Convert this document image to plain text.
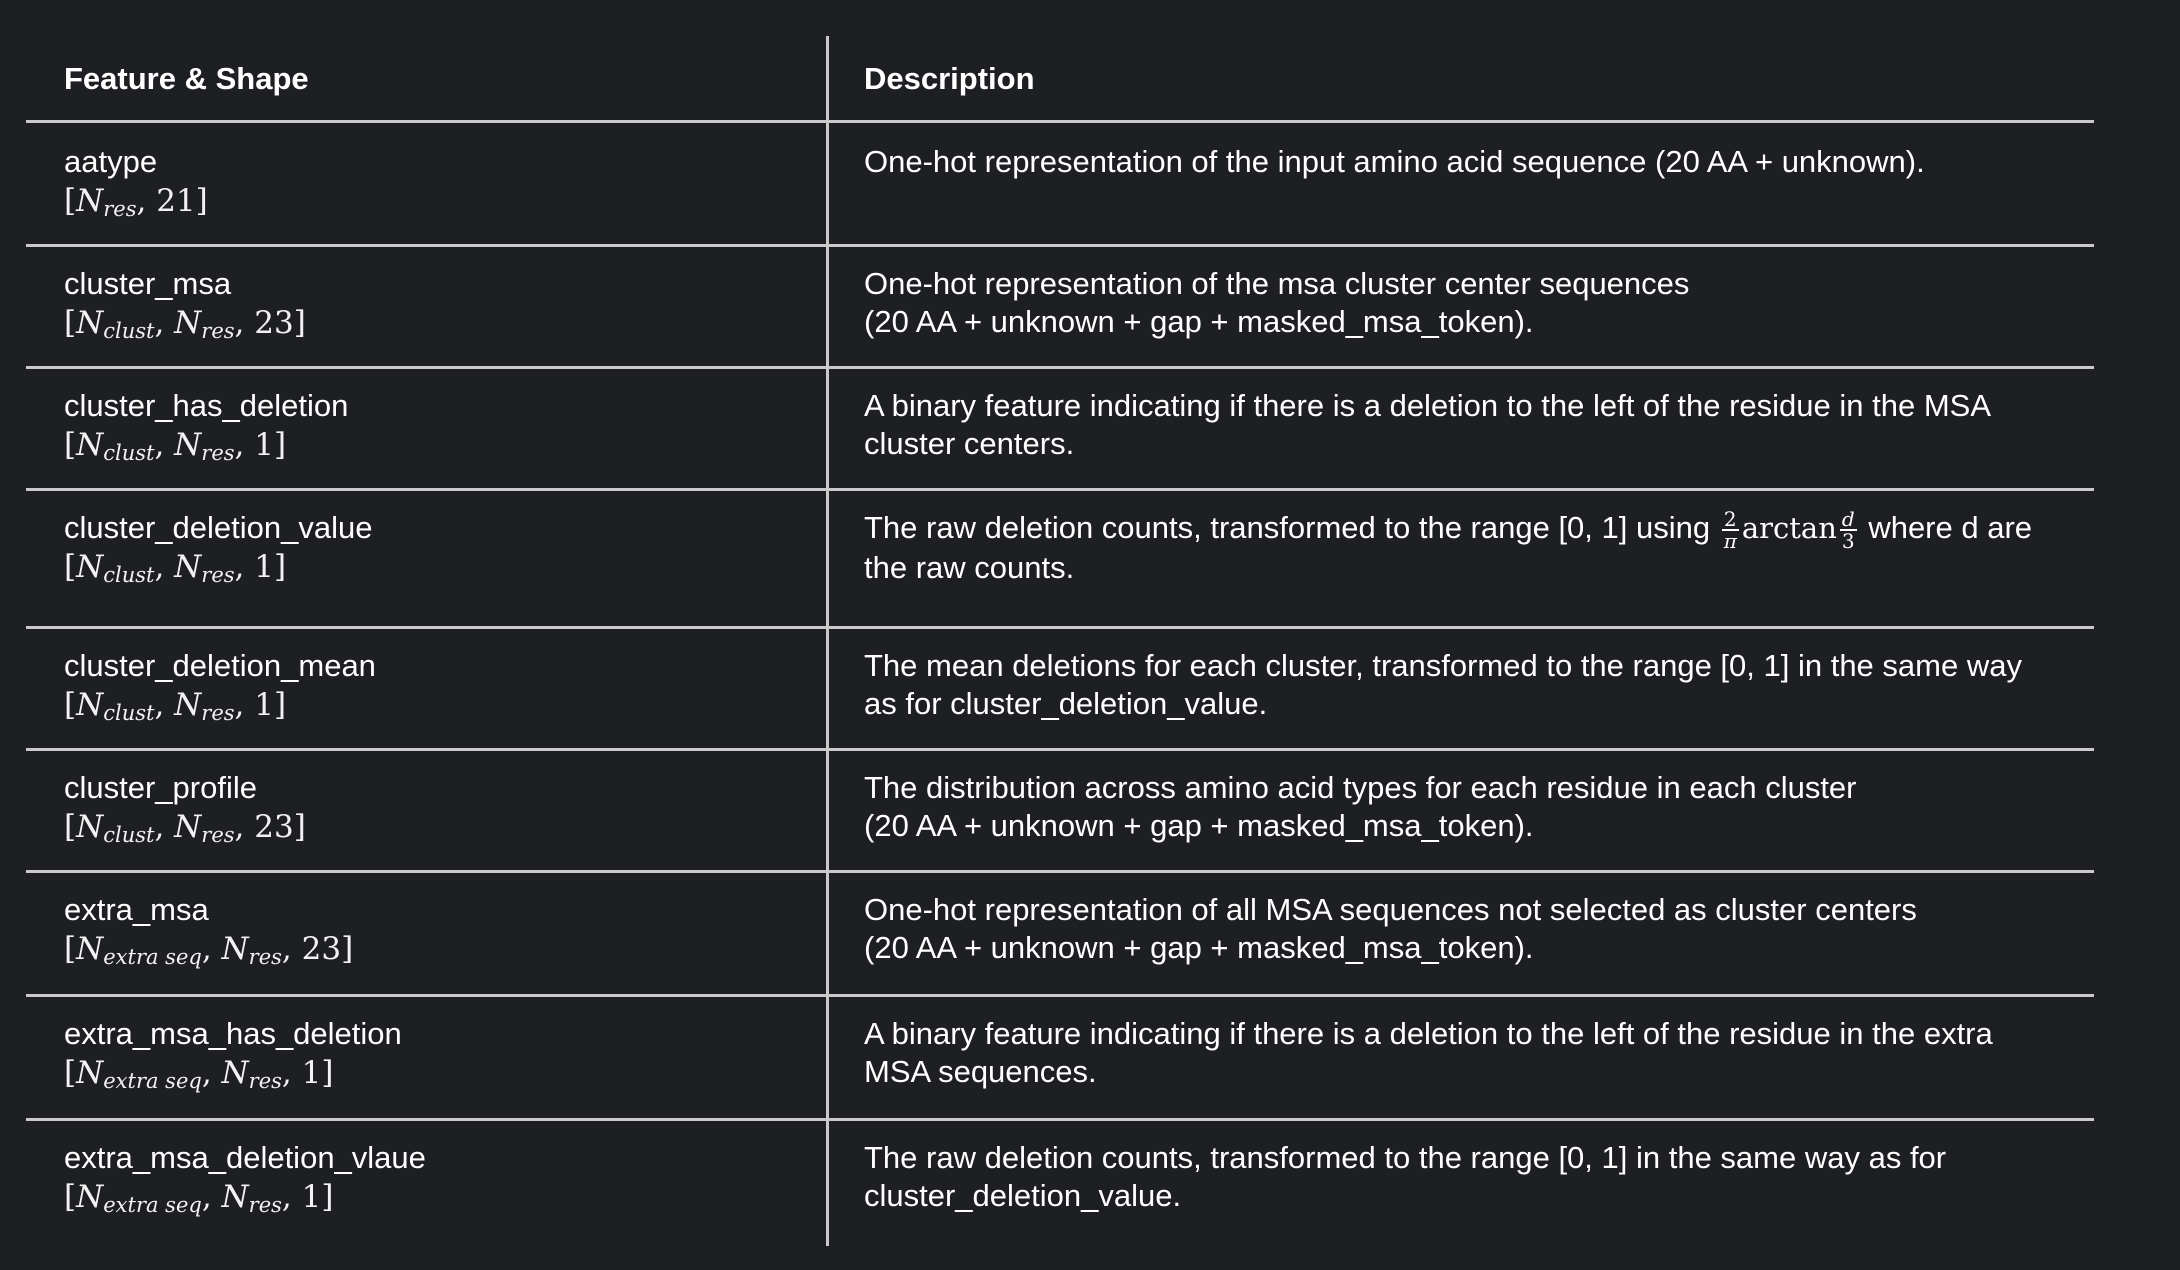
Feature & Shape	Description
aatype
[$N_{res}$, 21]
One-hot representation of the input amino acid sequence (20 AA + unknown).
cluster_msa
[$N_{clust}$, $N_{res}$, 23]
One-hot representation of the msa cluster center sequences
(20 AA + unknown + gap + masked_msa_token).
cluster_has_deletion
[$N_{clust}$, $N_{res}$, 1]
A binary feature indicating if there is a deletion to the left of the residue in the MSA
cluster centers.
cluster_deletion_value
[$N_{clust}$, $N_{res}$, 1]
The raw deletion counts, transformed to the range [0, 1] using $\frac{2}{\pi}$ $\arctan \frac{d}{3}$ where d are
the raw counts.
cluster_deletion_mean
[$N_{clust}$, $N_{res}$, 1]
The mean deletions for each cluster, transformed to the range [0, 1] in the same way
as for cluster_deletion_value.
cluster_profile
[$N_{clust}$, $N_{res}$, 23]
The distribution across amino acid types for each residue in each cluster
(20 AA + unknown + gap + masked_msa_token).
extra_msa
[$N_{extra seq}$, $N_{res}$, 23]
One-hot representation of all MSA sequences not selected as cluster centers
(20 AA + unknown + gap + masked_msa_token).
extra_msa_has_deletion
[$N_{extra seq}$, $N_{res}$, 1]
A binary feature indicating if there is a deletion to the left of the residue in the extra
MSA sequences.
extra_msa_deletion_vlaue
[$N_{extra seq}$, $N_{res}$, 1]
The raw deletion counts, transformed to the range [0, 1] in the same way as for
cluster_deletion_value.
